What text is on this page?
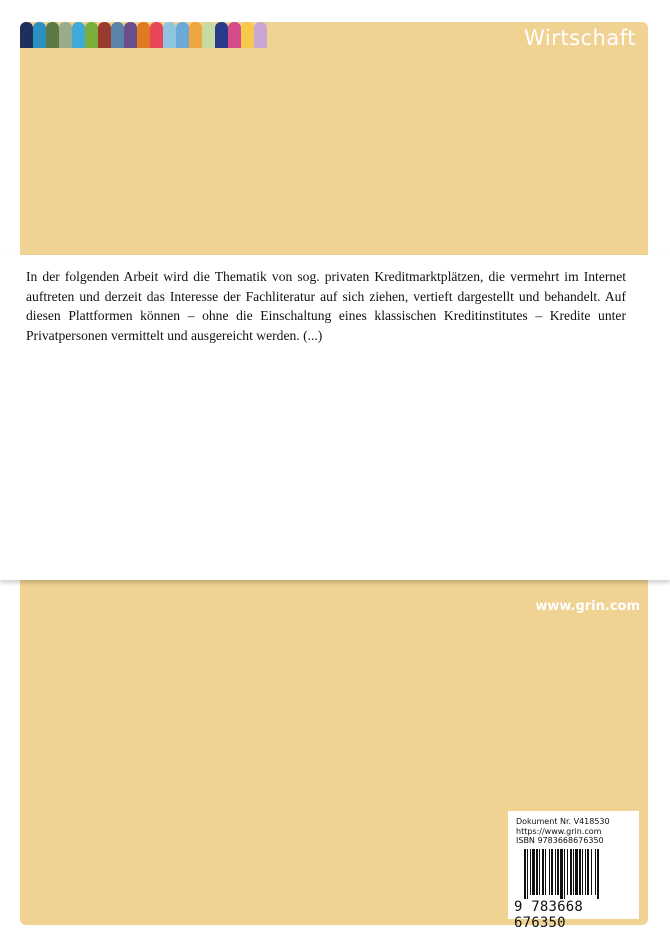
Wirtschaft

In der folgenden Arbeit wird die Thematik von sog. privaten Kreditmarktplätzen, die vermehrt im Internet auftreten und derzeit das Interesse der Fachliteratur auf sich ziehen, vertieft dargestellt und behandelt. Auf diesen Plattformen können – ohne die Einschaltung eines klassischen Kreditinstitutes – Kredite unter Privatpersonen vermittelt und ausgereicht werden. (...)

www.grin.com
Dokument Nr. V418530
https://www.grin.com
ISBN 9783668676350
9 783668 676350
